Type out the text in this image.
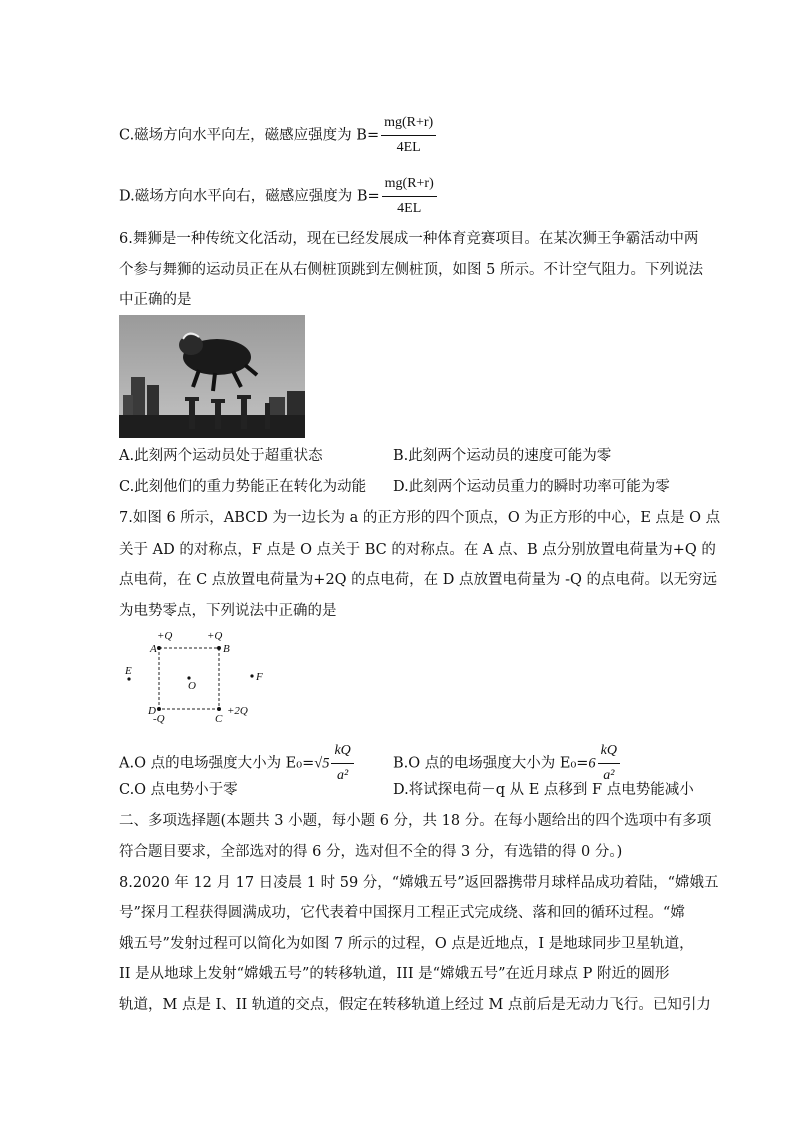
C.磁场方向水平向左，磁感应强度为 $B= \frac{mg(R+r)}{4EL}$
D.磁场方向水平向右，磁感应强度为 $B= \frac{mg(R+r)}{4EL}$
6.舞狮是一种传统文化活动，现在已经发展成一种体育竞赛项目。在某次狮王争霸活动中两
个参与舞狮的运动员正在从右侧桩顶跳到左侧桩顶，如图 5 所示。不计空气阻力。下列说法
中正确的是
A.此刻两个运动员处于超重状态	B.此刻两个运动员的速度可能为零
C.此刻他们的重力势能正在转化为动能 D.此刻两个运动员重力的瞬时功率可能为零
7.如图 6 所示，ABCD 为一边长为 a 的正方形的四个顶点，O 为正方形的中心，E 点是 O 点
关于 AD 的对称点，F 点是 O 点关于 BC 的对称点。在 A 点、B 点分别放置电荷量为+Q 的
点电荷，在 C 点放置电荷量为+2Q 的点电荷，在 D 点放置电荷量为 -Q 的点电荷。以无穷远
为电势零点，下列说法中正确的是
+Q	+Q
A	B
D
C
-Q
+2Q
O
E	F
A.O 点的电场强度大小为 $E_0=√5 \frac{kQ}{\text{a²}}$	B.O 点的电场强度大小为 $E_0=6 \frac{kQ}{\text{a²}}$
C.O 点电势小于零	D.将试探电荷－q 从 E 点移到 F 点电势能减小
二、多项选择题(本题共 3 小题，每小题 6 分，共 18 分。在每小题给出的四个选项中有多项
符合题目要求，全部选对的得 6 分，选对但不全的得 3 分，有选错的得 0 分。)
8.2020 年 12 月 17 日凌晨 1 时 59 分，“嫦娥五号”返回器携带月球样品成功着陆，“嫦娥五
号”探月工程获得圆满成功，它代表着中国探月工程正式完成绕、落和回的循环过程。“嫦
娥五号”发射过程可以简化为如图 7 所示的过程，O 点是近地点，I 是地球同步卫星轨道，
II 是从地球上发射“嫦娥五号”的转移轨道，III 是“嫦娥五号”在近月球点 P 附近的圆形
轨道，M 点是 I、II 轨道的交点，假定在转移轨道上经过 M 点前后是无动力飞行。已知引力
